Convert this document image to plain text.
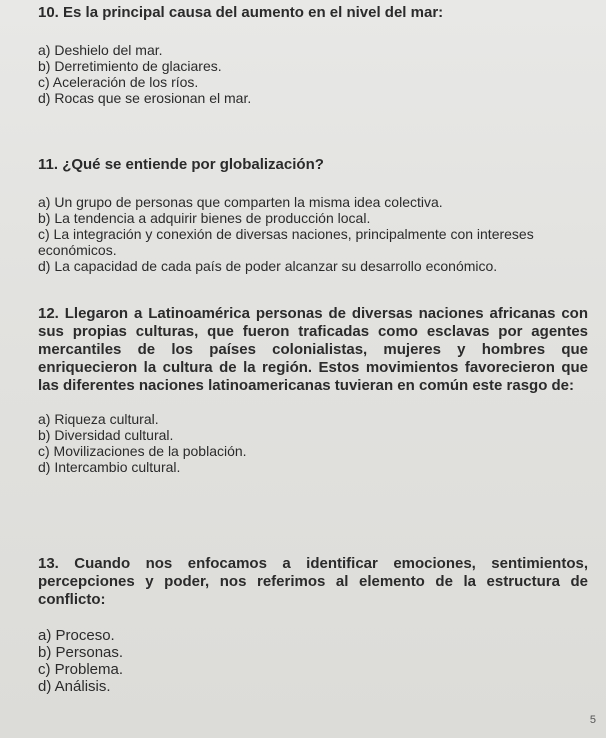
10. Es la principal causa del aumento en el nivel del mar:

a) Deshielo del mar.

b) Derretimiento de glaciares.

c) Aceleración de los ríos.

d) Rocas que se erosionan el mar.

11. ¿Qué se entiende por globalización?

a) Un grupo de personas que comparten la misma idea colectiva.

b) La tendencia a adquirir bienes de producción local.

c) La integración y conexión de diversas naciones, principalmente con intereses económicos.

d) La capacidad de cada país de poder alcanzar su desarrollo económico.

12. Llegaron a Latinoamérica personas de diversas naciones africanas con sus propias culturas, que fueron traficadas como esclavas por agentes mercantiles de los países colonialistas, mujeres y hombres que enriquecieron la cultura de la región. Estos movimientos favorecieron que las diferentes naciones latinoamericanas tuvieran en común este rasgo de:

a) Riqueza cultural.

b) Diversidad cultural.

c) Movilizaciones de la población.

d) Intercambio cultural.

13. Cuando nos enfocamos a identificar emociones, sentimientos, percepciones y poder, nos referimos al elemento de la estructura de conflicto:

a) Proceso.

b) Personas.

c) Problema.

d) Análisis.

5
